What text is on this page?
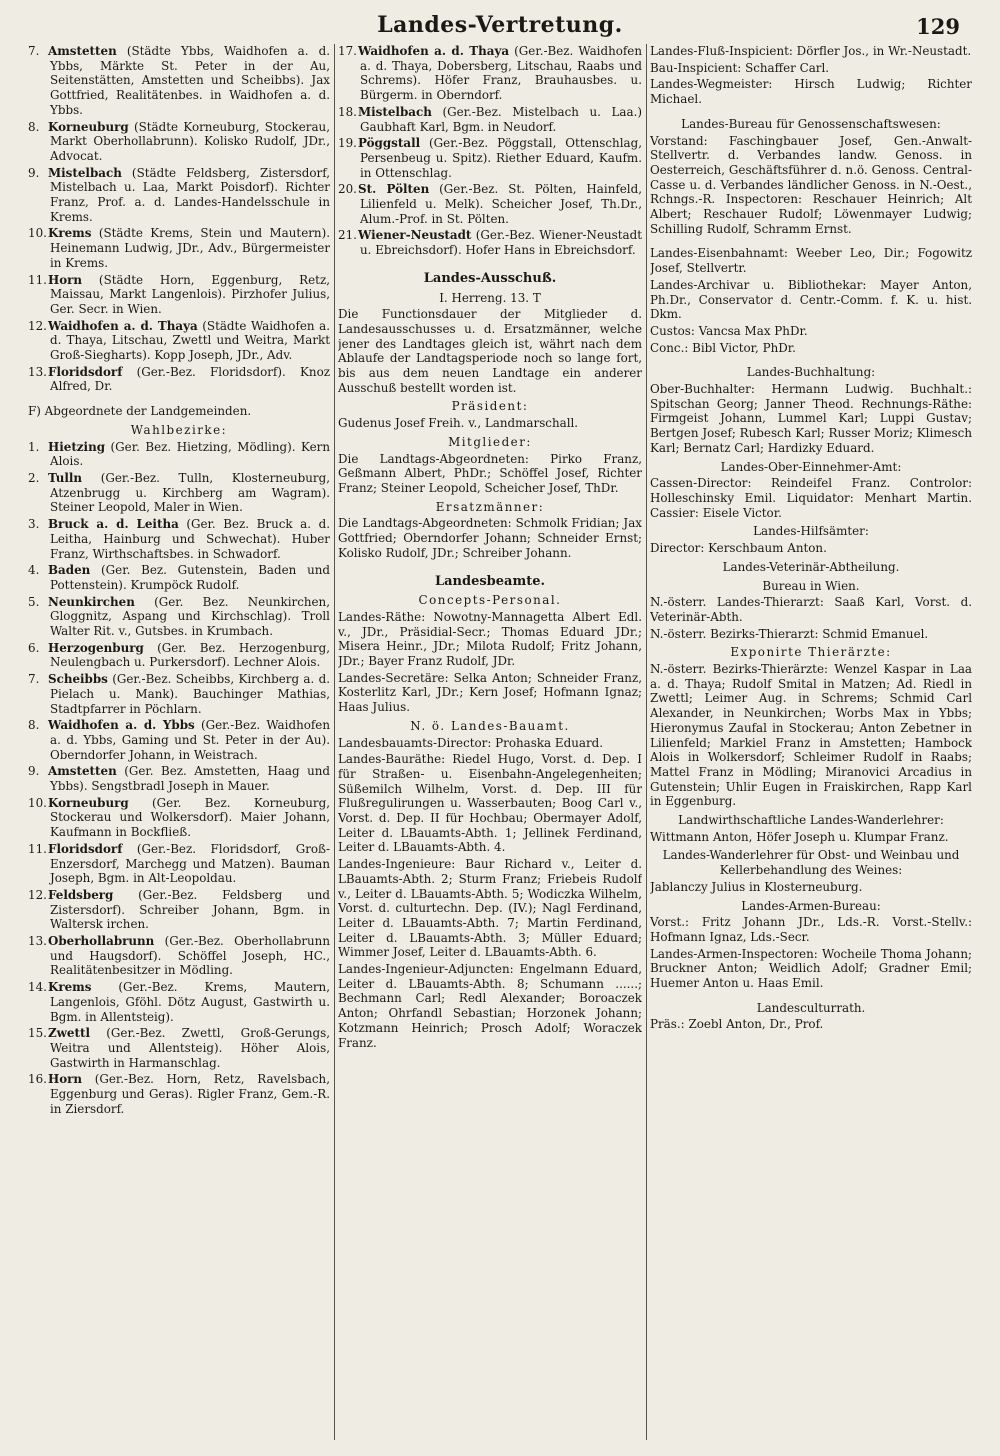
Landes-Vertretung.	129
7. Amstetten (Städte Ybbs, Waidhofen a. d. Ybbs, Märkte St. Peter in der Au, Seitenstätten, Amstetten und Scheibbs). Jax Gottfried, Realitätenbes. in Waidhofen a. d. Ybbs.
8. Korneuburg (Städte Korneuburg, Stockerau, Markt Oberhollabrunn). Kolisko Rudolf, JDr., Advocat.
9. Mistelbach (Städte Feldsberg, Zistersdorf, Mistelbach u. Laa, Markt Poisdorf). Richter Franz, Prof. a. d. Landes-Handelsschule in Krems.
10.Krems (Städte Krems, Stein und Mautern). Heinemann Ludwig, JDr., Adv., Bürgermeister in Krems.
11.Horn (Städte Horn, Eggenburg, Retz, Maissau, Markt Langenlois). Pirzhofer Julius, Ger. Secr. in Wien.
12.Waidhofen a. d. Thaya (Städte Waidhofen a. d. Thaya, Litschau, Zwettl und Weitra, Markt Groß-Siegharts). Kopp Joseph, JDr., Adv.
13.Floridsdorf (Ger.-Bez. Floridsdorf). Knoz Alfred, Dr.
F) Abgeordnete der Landgemeinden.
Wahlbezirke:
1. Hietzing (Ger. Bez. Hietzing, Mödling). Kern Alois.
2. Tulln (Ger.-Bez. Tulln, Klosterneuburg, Atzenbrugg u. Kirchberg am Wagram). Steiner Leopold, Maler in Wien.
3. Bruck a. d. Leitha (Ger. Bez. Bruck a. d. Leitha, Hainburg und Schwechat). Huber Franz, Wirthschaftsbes. in Schwadorf.
4. Baden (Ger. Bez. Gutenstein, Baden und Pottenstein). Krumpöck Rudolf.
5. Neunkirchen (Ger. Bez. Neunkirchen, Gloggnitz, Aspang und Kirchschlag). Troll Walter Rit. v., Gutsbes. in Krumbach.
6. Herzogenburg (Ger. Bez. Herzogenburg, Neulengbach u. Purkersdorf). Lechner Alois.
7. Scheibbs (Ger.-Bez. Scheibbs, Kirchberg a. d. Pielach u. Mank). Bauchinger Mathias, Stadtpfarrer in Pöchlarn.
8. Waidhofen a. d. Ybbs (Ger.-Bez. Waidhofen a. d. Ybbs, Gaming und St. Peter in der Au). Oberndorfer Johann, in Weistrach.
9. Amstetten (Ger. Bez. Amstetten, Haag und Ybbs). Sengstbradl Joseph in Mauer.
10.Korneuburg (Ger. Bez. Korneuburg, Stockerau und Wolkersdorf). Maier Johann, Kaufmann in Bockfließ.
11.Floridsdorf (Ger.-Bez. Floridsdorf, Groß-Enzersdorf, Marchegg und Matzen). Bauman Joseph, Bgm. in Alt-Leopoldau.
12.Feldsberg (Ger.-Bez. Feldsberg und Zistersdorf). Schreiber Johann, Bgm. in Waltersk irchen.
13.Oberhollabrunn (Ger.-Bez. Oberhollabrunn und Haugsdorf). Schöffel Joseph, HC., Realitätenbesitzer in Mödling.
14.Krems (Ger.-Bez. Krems, Mautern, Langenlois, Gföhl. Dötz August, Gastwirth u. Bgm. in Allentsteig).
15.Zwettl (Ger.-Bez. Zwettl, Groß-Gerungs, Weitra und Allentsteig). Höher Alois, Gastwirth in Harmanschlag.
16.Horn (Ger.-Bez. Horn, Retz, Ravelsbach, Eggenburg und Geras). Rigler Franz, Gem.-R. in Ziersdorf.
17.Waidhofen a. d. Thaya (Ger.-Bez. Waidhofen a. d. Thaya, Dobersberg, Litschau, Raabs und Schrems). Höfer Franz, Brauhausbes. u. Bürgerm. in Oberndorf.
18.Mistelbach (Ger.-Bez. Mistelbach u. Laa.) Gaubhaft Karl, Bgm. in Neudorf.
19.Pöggstall (Ger.-Bez. Pöggstall, Ottenschlag, Persenbeug u. Spitz). Riether Eduard, Kaufm. in Ottenschlag.
20.St. Pölten (Ger.-Bez. St. Pölten, Hainfeld, Lilienfeld u. Melk). Scheicher Josef, Th.Dr., Alum.-Prof. in St. Pölten.
21.Wiener-Neustadt (Ger.-Bez. Wiener-Neustadt u. Ebreichsdorf). Hofer Hans in Ebreichsdorf.
Landes-Ausschuß.
I. Herreng. 13. T
Die Functionsdauer der Mitglieder d. Landesausschusses u. d. Ersatzmänner, welche jener des Landtages gleich ist, währt nach dem Ablaufe der Landtagsperiode noch so lange fort, bis aus dem neuen Landtage ein anderer Ausschuß bestellt worden ist.
Präsident:
Gudenus Josef Freih. v., Landmarschall.
Mitglieder:
Die Landtags-Abgeordneten: Pirko Franz, Geßmann Albert, PhDr.; Schöffel Josef, Richter Franz; Steiner Leopold, Scheicher Josef, ThDr.
Ersatzmänner:
Die Landtags-Abgeordneten: Schmolk Fridian; Jax Gottfried; Oberndorfer Johann; Schneider Ernst; Kolisko Rudolf, JDr.; Schreiber Johann.
Landesbeamte.
Concepts-Personal.
Landes-Räthe: Nowotny-Mannagetta Albert Edl. v., JDr., Präsidial-Secr.; Thomas Eduard JDr.; Misera Heinr., JDr.; Milota Rudolf; Fritz Johann, JDr.; Bayer Franz Rudolf, JDr.
Landes-Secretäre: Selka Anton; Schneider Franz, Kosterlitz Karl, JDr.; Kern Josef; Hofmann Ignaz; Haas Julius.
N. ö. Landes-Bauamt.
Landesbauamts-Director: Prohaska Eduard.
Landes-Bauräthe: Riedel Hugo, Vorst. d. Dep. I für Straßen- u. Eisenbahn-Angelegenheiten; Süßemilch Wilhelm, Vorst. d. Dep. III für Flußregulirungen u. Wasserbauten; Boog Carl v., Vorst. d. Dep. II für Hochbau; Obermayer Adolf, Leiter d. LBauamts-Abth. 1; Jellinek Ferdinand, Leiter d. LBauamts-Abth. 4.
Landes-Ingenieure: Baur Richard v., Leiter d. LBauamts-Abth. 2; Sturm Franz; Friebeis Rudolf v., Leiter d. LBauamts-Abth. 5; Wodiczka Wilhelm, Vorst. d. culturtechn. Dep. (IV.); Nagl Ferdinand, Leiter d. LBauamts-Abth. 7; Martin Ferdinand, Leiter d. LBauamts-Abth. 3; Müller Eduard; Wimmer Josef, Leiter d. LBauamts-Abth. 6.
Landes-Ingenieur-Adjuncten: Engelmann Eduard, Leiter d. LBauamts-Abth. 8; Schumann ......; Bechmann Carl; Redl Alexander; Boroaczek Anton; Ohrfandl Sebastian; Horzonek Johann; Kotzmann Heinrich; Prosch Adolf; Woraczek Franz.
Landes-Fluß-Inspicient: Dörfler Jos., in Wr.-Neustadt.
Bau-Inspicient: Schaffer Carl.
Landes-Wegmeister: Hirsch Ludwig; Richter Michael.
Landes-Bureau für Genossenschaftswesen:
Vorstand: Faschingbauer Josef, Gen.-Anwalt-Stellvertr. d. Verbandes landw. Genoss. in Oesterreich, Geschäftsführer d. n.ö. Genoss. Central-Casse u. d. Verbandes ländlicher Genoss. in N.-Oest., Rchngs.-R. Inspectoren: Reschauer Heinrich; Alt Albert; Reschauer Rudolf; Löwenmayer Ludwig; Schilling Rudolf, Schramm Ernst.
Landes-Eisenbahnamt: Weeber Leo, Dir.; Fogowitz Josef, Stellvertr.
Landes-Archivar u. Bibliothekar: Mayer Anton, Ph.Dr., Conservator d. Centr.-Comm. f. K. u. hist. Dkm.
Custos: Vancsa Max PhDr.
Conc.: Bibl Victor, PhDr.
Landes-Buchhaltung:
Ober-Buchhalter: Hermann Ludwig. Buchhalt.: Spitschan Georg; Janner Theod. Rechnungs-Räthe: Firmgeist Johann, Lummel Karl; Luppi Gustav; Bertgen Josef; Rubesch Karl; Russer Moriz; Klimesch Karl; Bernatz Carl; Hardizky Eduard.
Landes-Ober-Einnehmer-Amt:
Cassen-Director: Reindeifel Franz. Controlor: Holleschinsky Emil. Liquidator: Menhart Martin. Cassier: Eisele Victor.
Landes-Hilfsämter:
Director: Kerschbaum Anton.
Landes-Veterinär-Abtheilung.
Bureau in Wien.
N.-österr. Landes-Thierarzt: Saaß Karl, Vorst. d. Veterinär-Abth.
N.-österr. Bezirks-Thierarzt: Schmid Emanuel.
Exponirte Thierärzte:
N.-österr. Bezirks-Thierärzte: Wenzel Kaspar in Laa a. d. Thaya; Rudolf Smital in Matzen; Ad. Riedl in Zwettl; Leimer Aug. in Schrems; Schmid Carl Alexander, in Neunkirchen; Worbs Max in Ybbs; Hieronymus Zaufal in Stockerau; Anton Zebetner in Lilienfeld; Markiel Franz in Amstetten; Hambock Alois in Wolkersdorf; Schleimer Rudolf in Raabs; Mattel Franz in Mödling; Miranovici Arcadius in Gutenstein; Uhlir Eugen in Fraiskirchen, Rapp Karl in Eggenburg.
Landwirthschaftliche Landes-Wanderlehrer:
Wittmann Anton, Höfer Joseph u. Klumpar Franz.
Landes-Wanderlehrer für Obst- und Weinbau und Kellerbehandlung des Weines:
Jablanczy Julius in Klosterneuburg.
Landes-Armen-Bureau:
Vorst.: Fritz Johann JDr., Lds.-R. Vorst.-Stellv.: Hofmann Ignaz, Lds.-Secr.
Landes-Armen-Inspectoren: Wocheile Thoma Johann; Bruckner Anton; Weidlich Adolf; Gradner Emil; Huemer Anton u. Haas Emil.
Landesculturrath.
Präs.: Zoebl Anton, Dr., Prof.
